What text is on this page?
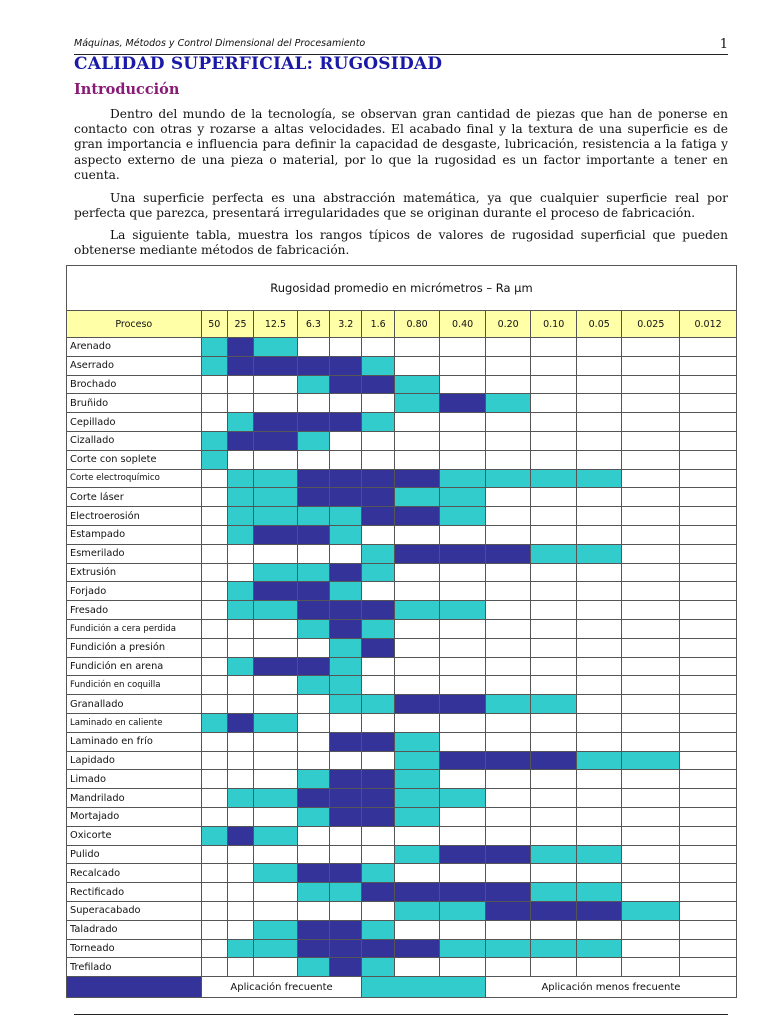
Máquinas, Métodos y Control Dimensional del Procesamiento	1
CALIDAD SUPERFICIAL: RUGOSIDAD
Introducción

Dentro del mundo de la tecnología, se observan gran cantidad de piezas que han de ponerse en contacto con otras y rozarse a altas velocidades. El acabado final y la textura de una superficie es de gran importancia e influencia para definir la capacidad de desgaste, lubricación, resistencia a la fatiga y aspecto externo de una pieza o material, por lo que la rugosidad es un factor importante a tener en cuenta.

Una superficie perfecta es una abstracción matemática, ya que cualquier superficie real por perfecta que parezca, presentará irregularidades que se originan durante el proceso de fabricación.

La siguiente tabla, muestra los rangos típicos de valores de rugosidad superficial que pueden obtenerse mediante métodos de fabricación.

Rugosidad promedio en micrómetros – Ra µm													
Proceso	50	25	12.5	6.3	3.2	1.6	0.80	0.40	0.20	0.10	0.05	0.025	0.012
Arenado													
Aserrado													
Brochado													
Bruñido													
Cepillado													
Cizallado													
Corte con soplete													
Corte electroquímico													
Corte láser													
Electroerosión													
Estampado													
Esmerilado													
Extrusión													
Forjado													
Fresado													
Fundición a cera perdida													
Fundición a presión													
Fundición en arena													
Fundición en coquilla													
Granallado													
Laminado en caliente													
Laminado en frío													
Lapidado													
Limado													
Mandrilado													
Mortajado													
Oxicorte													
Pulido													
Recalcado													
Rectificado													
Superacabado													
Taladrado													
Torneado													
Trefilado													
	Aplicación frecuente								Aplicación menos frecuente				
